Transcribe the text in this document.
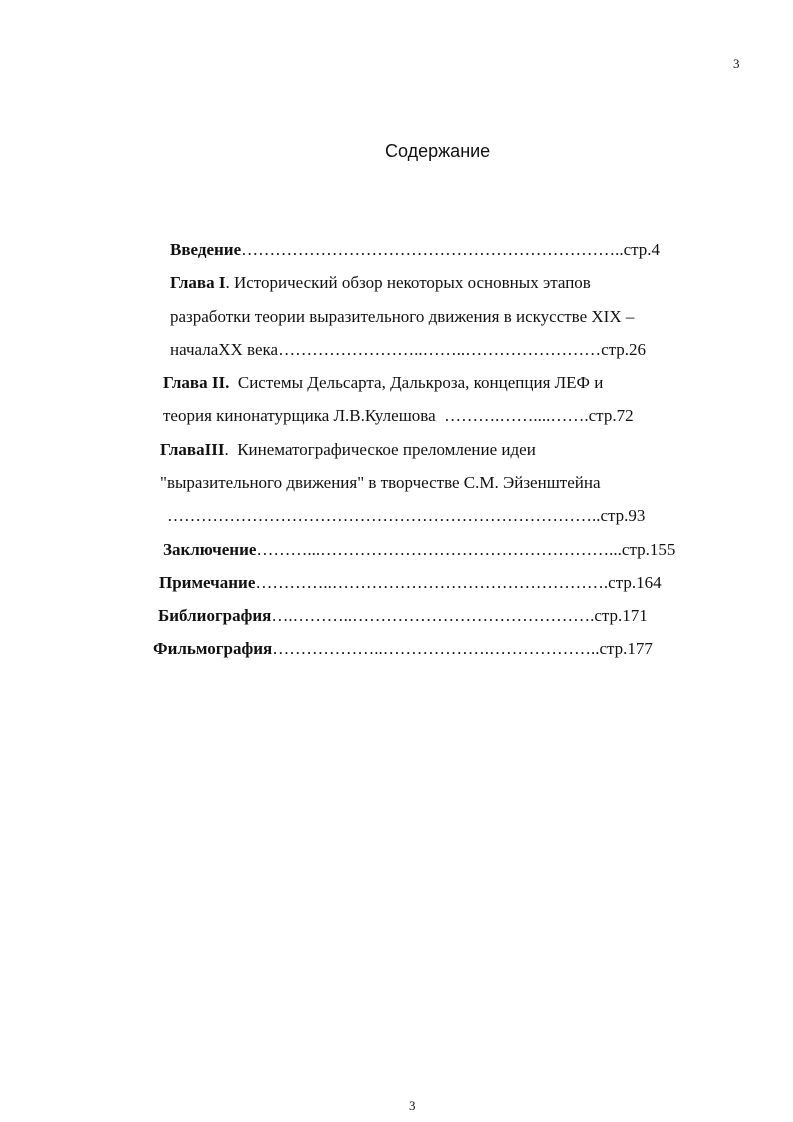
3
Содержание
Введение…………………………………………………………..стр.4
Глава I. Исторический обзор некоторых основных этапов
разработки теории выразительного движения в искусстве XIX –
началаXX века……………………..……..……………………стр.26
Глава II.  Системы Дельсарта, Далькроза, концепция ЛЕФ и
теория кинонатурщика Л.В.Кулешова  ……….……....…….стр.72
ГлаваIII.  Кинематографическое преломление идеи
"выразительного движения" в творчестве С.М. Эйзенштейна
…………………………………………………………………..стр.93
Заключение………...……………………………………………...стр.155
Примечание…………..………………………………………….стр.164
Библиография….………..…………………………………….стр.171
Фильмография………………..……………….………………..стр.177
3
